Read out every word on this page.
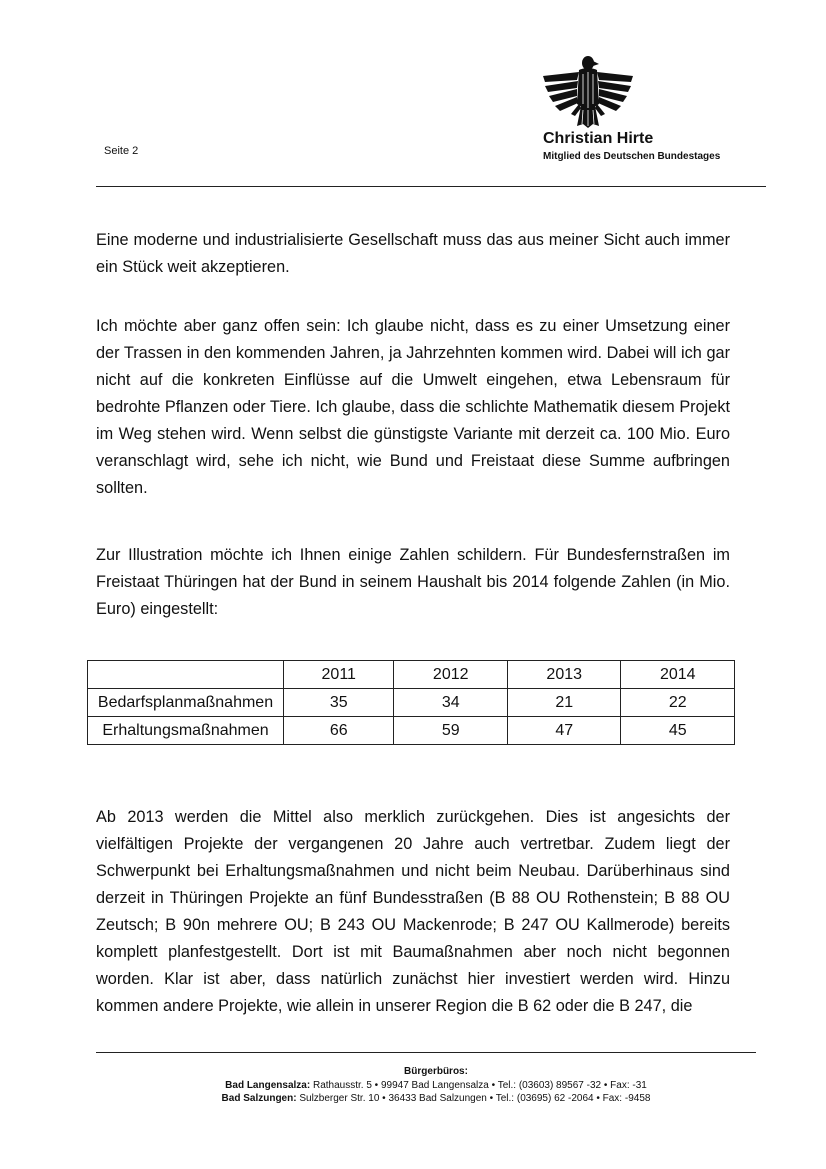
Seite 2
Christian Hirte
Mitglied des Deutschen Bundestages

Eine moderne und industrialisierte Gesellschaft muss das aus meiner Sicht auch immer ein Stück weit akzeptieren.

Ich möchte aber ganz offen sein: Ich glaube nicht, dass es zu einer Umsetzung einer der Trassen in den kommenden Jahren, ja Jahrzehnten kommen wird. Dabei will ich gar nicht auf die konkreten Einflüsse auf die Umwelt eingehen, etwa Lebensraum für bedrohte Pflanzen oder Tiere. Ich glaube, dass die schlichte Mathematik diesem Projekt im Weg stehen wird. Wenn selbst die günstigste Variante mit derzeit ca. 100 Mio. Euro veranschlagt wird, sehe ich nicht, wie Bund und Freistaat diese Summe aufbringen sollten.

Zur Illustration möchte ich Ihnen einige Zahlen schildern. Für Bundesfernstraßen im Freistaat Thüringen hat der Bund in seinem Haushalt bis 2014 folgende Zahlen (in Mio. Euro) eingestellt:

	2011	2012	2013	2014
Bedarfsplanmaßnahmen	35	34	21	22
Erhaltungsmaßnahmen	66	59	47	45

Ab 2013 werden die Mittel also merklich zurückgehen. Dies ist angesichts der vielfältigen Projekte der vergangenen 20 Jahre auch vertretbar. Zudem liegt der Schwerpunkt bei Erhaltungsmaßnahmen und nicht beim Neubau. Darüberhinaus sind derzeit in Thüringen Projekte an fünf Bundesstraßen (B 88 OU Rothenstein; B 88 OU Zeutsch; B 90n mehrere OU; B 243 OU Mackenrode; B 247 OU Kallmerode) bereits komplett planfestgestellt. Dort ist mit Baumaßnahmen aber noch nicht begonnen worden. Klar ist aber, dass natürlich zunächst hier investiert werden wird. Hinzu kommen andere Projekte, wie allein in unserer Region die B 62 oder die B 247, die

Bürgerbüros:
Bad Langensalza: Rathausstr. 5 • 99947 Bad Langensalza • Tel.: (03603) 89567 -32 • Fax: -31
Bad Salzungen: Sulzberger Str. 10 • 36433 Bad Salzungen • Tel.: (03695) 62 -2064 • Fax: -9458
